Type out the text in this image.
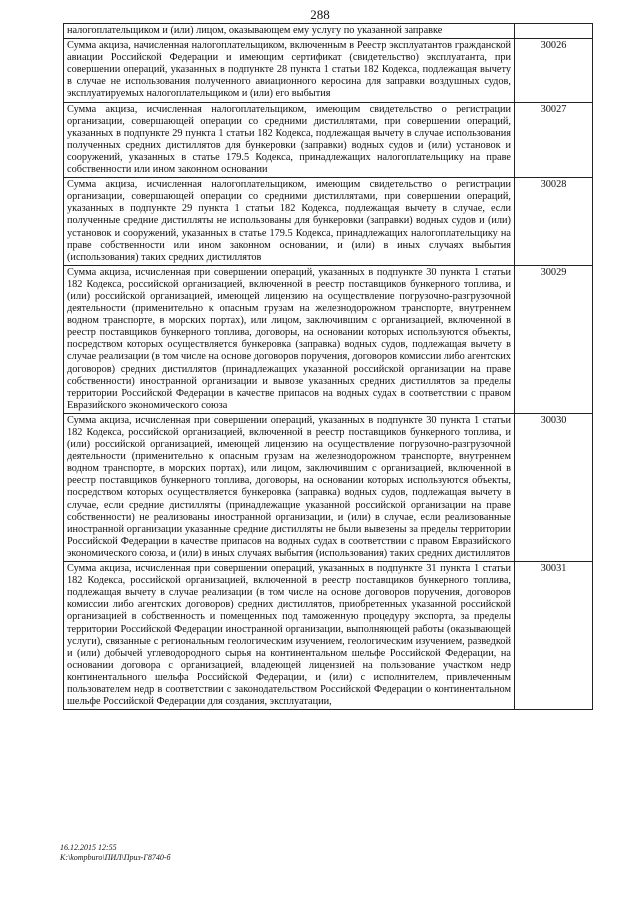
288
налогоплательщиком и (или) лицом, оказывающем ему услугу по указанной заправке	
Сумма акциза, начисленная налогоплательщиком, включенным в Реестр эксплуатантов гражданской авиации Российской Федерации и имеющим сертификат (свидетельство) эксплуатанта, при совершении операций, указанных в подпункте 28 пункта 1 статьи 182 Кодекса, подлежащая вычету в случае не использования полученного авиационного керосина для заправки воздушных судов, эксплуатируемых налогоплательщиком и (или) его выбытия	30026
Сумма акциза, исчисленная налогоплательщиком, имеющим свидетельство о регистрации организации, совершающей операции со средними дистиллятами, при совершении операций, указанных в подпункте 29 пункта 1 статьи 182 Кодекса, подлежащая вычету в случае использования полученных средних дистиллятов для бункеровки (заправки) водных судов и (или) установок и сооружений, указанных в статье 179.5 Кодекса, принадлежащих налогоплательщику на праве собственности или ином законном основании	30027
Сумма акциза, исчисленная налогоплательщиком, имеющим свидетельство о регистрации организации, совершающей операции со средними дистиллятами, при совершении операций, указанных в подпункте 29 пункта 1 статьи 182 Кодекса, подлежащая вычету в случае, если полученные средние дистилляты не использованы для бункеровки (заправки) водных судов и (или) установок и сооружений, указанных в статье 179.5 Кодекса, принадлежащих налогоплательщику на праве собственности или ином законном основании, и (или) в иных случаях выбытия (использования) таких средних дистиллятов	30028
Сумма акциза, исчисленная при совершении операций, указанных в подпункте 30 пункта 1 статьи 182 Кодекса, российской организацией, включенной в реестр поставщиков бункерного топлива, и (или) российской организацией, имеющей лицензию на осуществление погрузочно-разгрузочной деятельности (применительно к опасным грузам на железнодорожном транспорте, внутреннем водном транспорте, в морских портах), или лицом, заключившим с организацией, включенной в реестр поставщиков бункерного топлива, договоры, на основании которых используются объекты, посредством которых осуществляется бункеровка (заправка) водных судов, подлежащая вычету в случае реализации (в том числе на основе договоров поручения, договоров комиссии либо агентских договоров) средних дистиллятов (принадлежащих указанной российской организации на праве собственности) иностранной организации и вывозе указанных средних дистиллятов за пределы территории Российской Федерации в качестве припасов на водных судах в соответствии с правом Евразийского экономического союза	30029
Сумма акциза, исчисленная при совершении операций, указанных в подпункте 30 пункта 1 статьи 182 Кодекса, российской организацией, включенной в реестр поставщиков бункерного топлива, и (или) российской организацией, имеющей лицензию на осуществление погрузочно-разгрузочной деятельности (применительно к опасным грузам на железнодорожном транспорте, внутреннем водном транспорте, в морских портах), или лицом, заключившим с организацией, включенной в реестр поставщиков бункерного топлива, договоры, на основании которых используются объекты, посредством которых осуществляется бункеровка (заправка) водных судов, подлежащая вычету в случае, если средние дистилляты (принадлежащие указанной российской организации на праве собственности) не реализованы иностранной организации, и (или) в случае, если реализованные иностранной организации указанные средние дистилляты не были вывезены за пределы территории Российской Федерации в качестве припасов на водных судах в соответствии с правом Евразийского экономического союза, и (или) в иных случаях выбытия (использования) таких средних дистиллятов	30030
Сумма акциза, исчисленная при совершении операций, указанных в подпункте 31 пункта 1 статьи 182 Кодекса, российской организацией, включенной в реестр поставщиков бункерного топлива, подлежащая вычету в случае реализации (в том числе на основе договоров поручения, договоров комиссии либо агентских договоров) средних дистиллятов, приобретенных указанной российской организацией в собственность и помещенных под таможенную процедуру экспорта, за пределы территории Российской Федерации иностранной организации, выполняющей работы (оказывающей услуги), связанные с региональным геологическим изучением, геологическим изучением, разведкой и (или) добычей углеводородного сырья на континентальном шельфе Российской Федерации, на основании договора с организацией, владеющей лицензией на пользование участком недр континентального шельфа Российской Федерации, и (или) с исполнителем, привлеченным пользователем недр в соответствии с законодательством Российской Федерации о континентальном шельфе Российской Федерации для создания, эксплуатации,	30031
16.12.2015 12:55
К:\kompburo\ПИЛ\Приз-Г8740-б
